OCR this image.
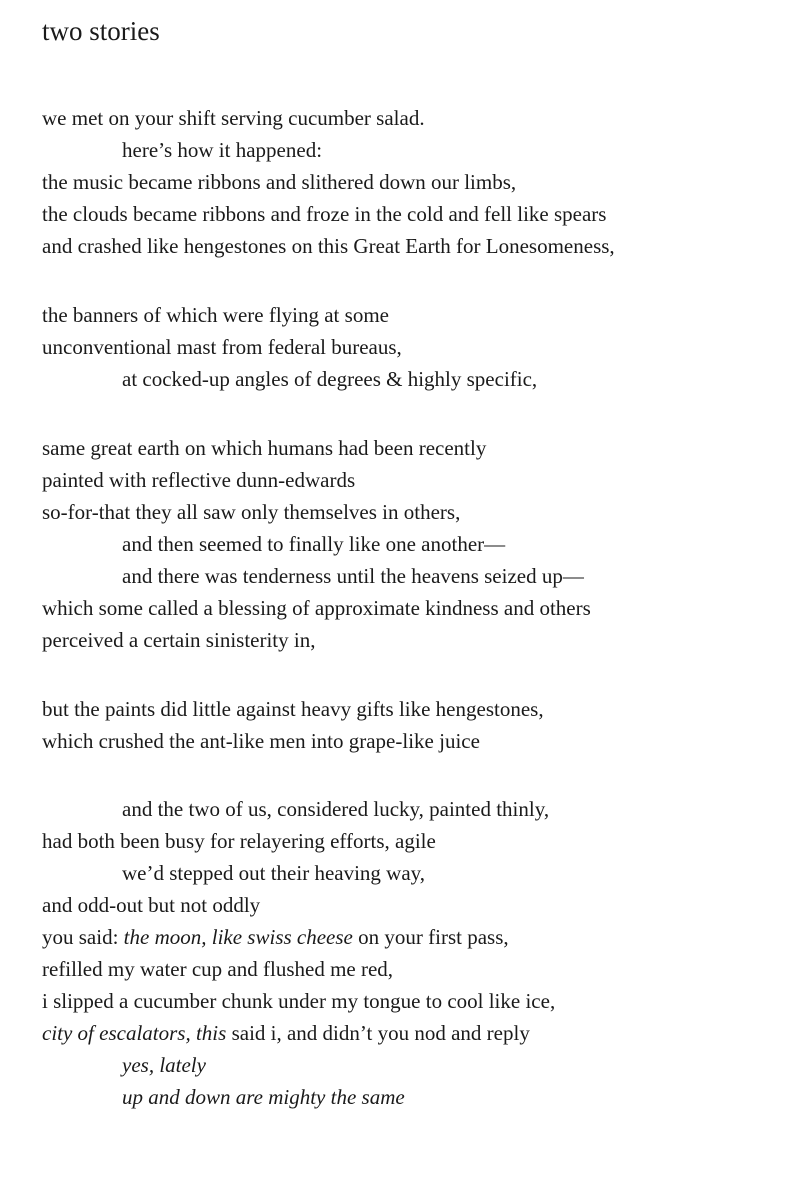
two stories
we met on your shift serving cucumber salad.
here’s how it happened:
the music became ribbons and slithered down our limbs,
the clouds became ribbons and froze in the cold and fell like spears
and crashed like hengestones on this Great Earth for Lonesomeness,
the banners of which were flying at some
unconventional mast from federal bureaus,
at cocked-up angles of degrees & highly specific,
same great earth on which humans had been recently
painted with reflective dunn-edwards
so-for-that they all saw only themselves in others,
and then seemed to finally like one another—
and there was tenderness until the heavens seized up—
which some called a blessing of approximate kindness and others
perceived a certain sinisterity in,
but the paints did little against heavy gifts like hengestones,
which crushed the ant-like men into grape-like juice
and the two of us, considered lucky, painted thinly,
had both been busy for relayering efforts, agile
we’d stepped out their heaving way,
and odd-out but not oddly
you said: the moon, like swiss cheese on your first pass,
refilled my water cup and flushed me red,
i slipped a cucumber chunk under my tongue to cool like ice,
city of escalators, this said i, and didn’t you nod and reply
yes, lately
up and down are mighty the same
